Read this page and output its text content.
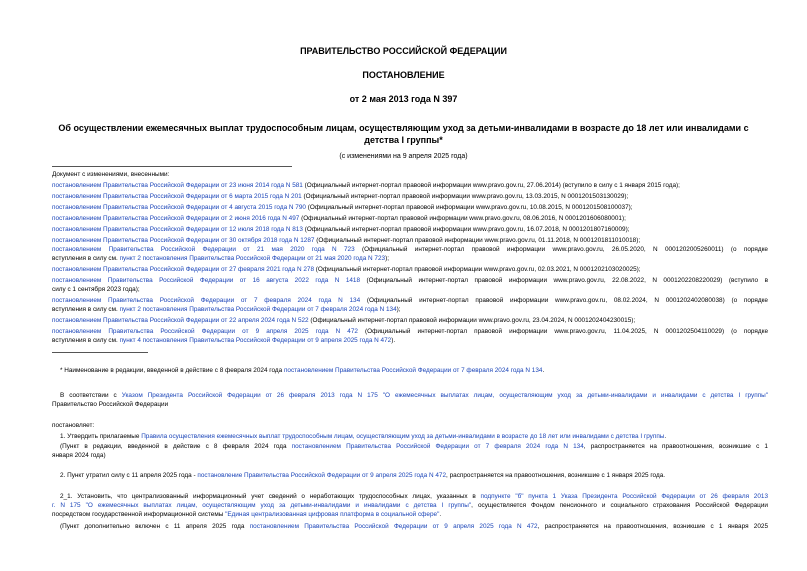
ПРАВИТЕЛЬСТВО РОССИЙСКОЙ ФЕДЕРАЦИИ
ПОСТАНОВЛЕНИЕ
от 2 мая 2013 года N 397
Об осуществлении ежемесячных выплат трудоспособным лицам, осуществляющим уход за детьми-инвалидами в возрасте до 18 лет или инвалидами с детства I группы*
(с изменениями на 9 апреля 2025 года)
Документ с изменениями, внесенными:
постановлением Правительства Российской Федерации от 23 июня 2014 года N 581 (Официальный интернет-портал правовой информации www.pravo.gov.ru, 27.06.2014) (вступило в силу с 1 января 2015 года);
постановлением Правительства Российской Федерации от 6 марта 2015 года N 201 (Официальный интернет-портал правовой информации www.pravo.gov.ru, 13.03.2015, N 0001201503130029);
постановлением Правительства Российской Федерации от 4 августа 2015 года N 790 (Официальный интернет-портал правовой информации www.pravo.gov.ru, 10.08.2015, N 0001201508100037);
постановлением Правительства Российской Федерации от 2 июня 2016 года N 497 (Официальный интернет-портал правовой информации www.pravo.gov.ru, 08.06.2016, N 0001201606080001);
постановлением Правительства Российской Федерации от 12 июля 2018 года N 813 (Официальный интернет-портал правовой информации www.pravo.gov.ru, 16.07.2018, N 0001201807160009);
постановлением Правительства Российской Федерации от 30 октября 2018 года N 1287 (Официальный интернет-портал правовой информации www.pravo.gov.ru, 01.11.2018, N 0001201811010018);
постановлением Правительства Российской Федерации от 21 мая 2020 года N 723 (Официальный интернет-портал правовой информации www.pravo.gov.ru, 26.05.2020, N 0001202005260011) (о порядке
вступления в силу см. пункт 2 постановления Правительства Российской Федерации от 21 мая 2020 года N 723);
постановлением Правительства Российской Федерации от 27 февраля 2021 года N 278 (Официальный интернет-портал правовой информации www.pravo.gov.ru, 02.03.2021, N 0001202103020025);
постановлением Правительства Российской Федерации от 16 августа 2022 года N 1418 (Официальный интернет-портал правовой информации www.pravo.gov.ru, 22.08.2022, N 0001202208220029) (вступило в
силу с 1 сентября 2023 года);
постановлением Правительства Российской Федерации от 7 февраля 2024 года N 134 (Официальный интернет-портал правовой информации www.pravo.gov.ru, 08.02.2024, N 0001202402080038) (о порядке
вступления в силу см. пункт 2 постановления Правительства Российской Федерации от 7 февраля 2024 года N 134);
постановлением Правительства Российской Федерации от 22 апреля 2024 года N 522 (Официальный интернет-портал правовой информации www.pravo.gov.ru, 23.04.2024, N 0001202404230015);
постановлением Правительства Российской Федерации от 9 апреля 2025 года N 472 (Официальный интернет-портал правовой информации www.pravo.gov.ru, 11.04.2025, N 0001202504110029) (о порядке
вступления в силу см. пункт 4 постановления Правительства Российской Федерации от 9 апреля 2025 года N 472).
* Наименование в редакции, введенной в действие с 8 февраля 2024 года постановлением Правительства Российской Федерации от 7 февраля 2024 года N 134.
В соответствии с Указом Президента Российской Федерации от 26 февраля 2013 года N 175 "О ежемесячных выплатах лицам, осуществляющим уход за детьми-инвалидами и инвалидами с детства I группы"
Правительство Российской Федерации
постановляет:
1. Утвердить прилагаемые Правила осуществления ежемесячных выплат трудоспособным лицам, осуществляющим уход за детьми-инвалидами в возрасте до 18 лет или инвалидами с детства I группы.
(Пункт в редакции, введенной в действие с 8 февраля 2024 года постановлением Правительства Российской Федерации от 7 февраля 2024 года N 134, распространяется на правоотношения, возникшие с 1
января 2024 года)
2. Пункт утратил силу с 11 апреля 2025 года - постановление Правительства Российской Федерации от 9 апреля 2025 года N 472, распространяется на правоотношения, возникшие с 1 января 2025 года.
2_1. Установить, что централизованный информационный учет сведений о неработающих трудоспособных лицах, указанных в подпункте "б" пункта 1 Указа Президента Российской Федерации от 26 февраля 2013
г. N 175 "О ежемесячных выплатах лицам, осуществляющим уход за детьми-инвалидами и инвалидами с детства I группы", осуществляется Фондом пенсионного и социального страхования Российской Федерации
посредством государственной информационной системы "Единая централизованная цифровая платформа в социальной сфере".
(Пункт дополнительно включен с 11 апреля 2025 года постановлением Правительства Российской Федерации от 9 апреля 2025 года N 472, распространяется на правоотношения, возникшие с 1 января 2025
